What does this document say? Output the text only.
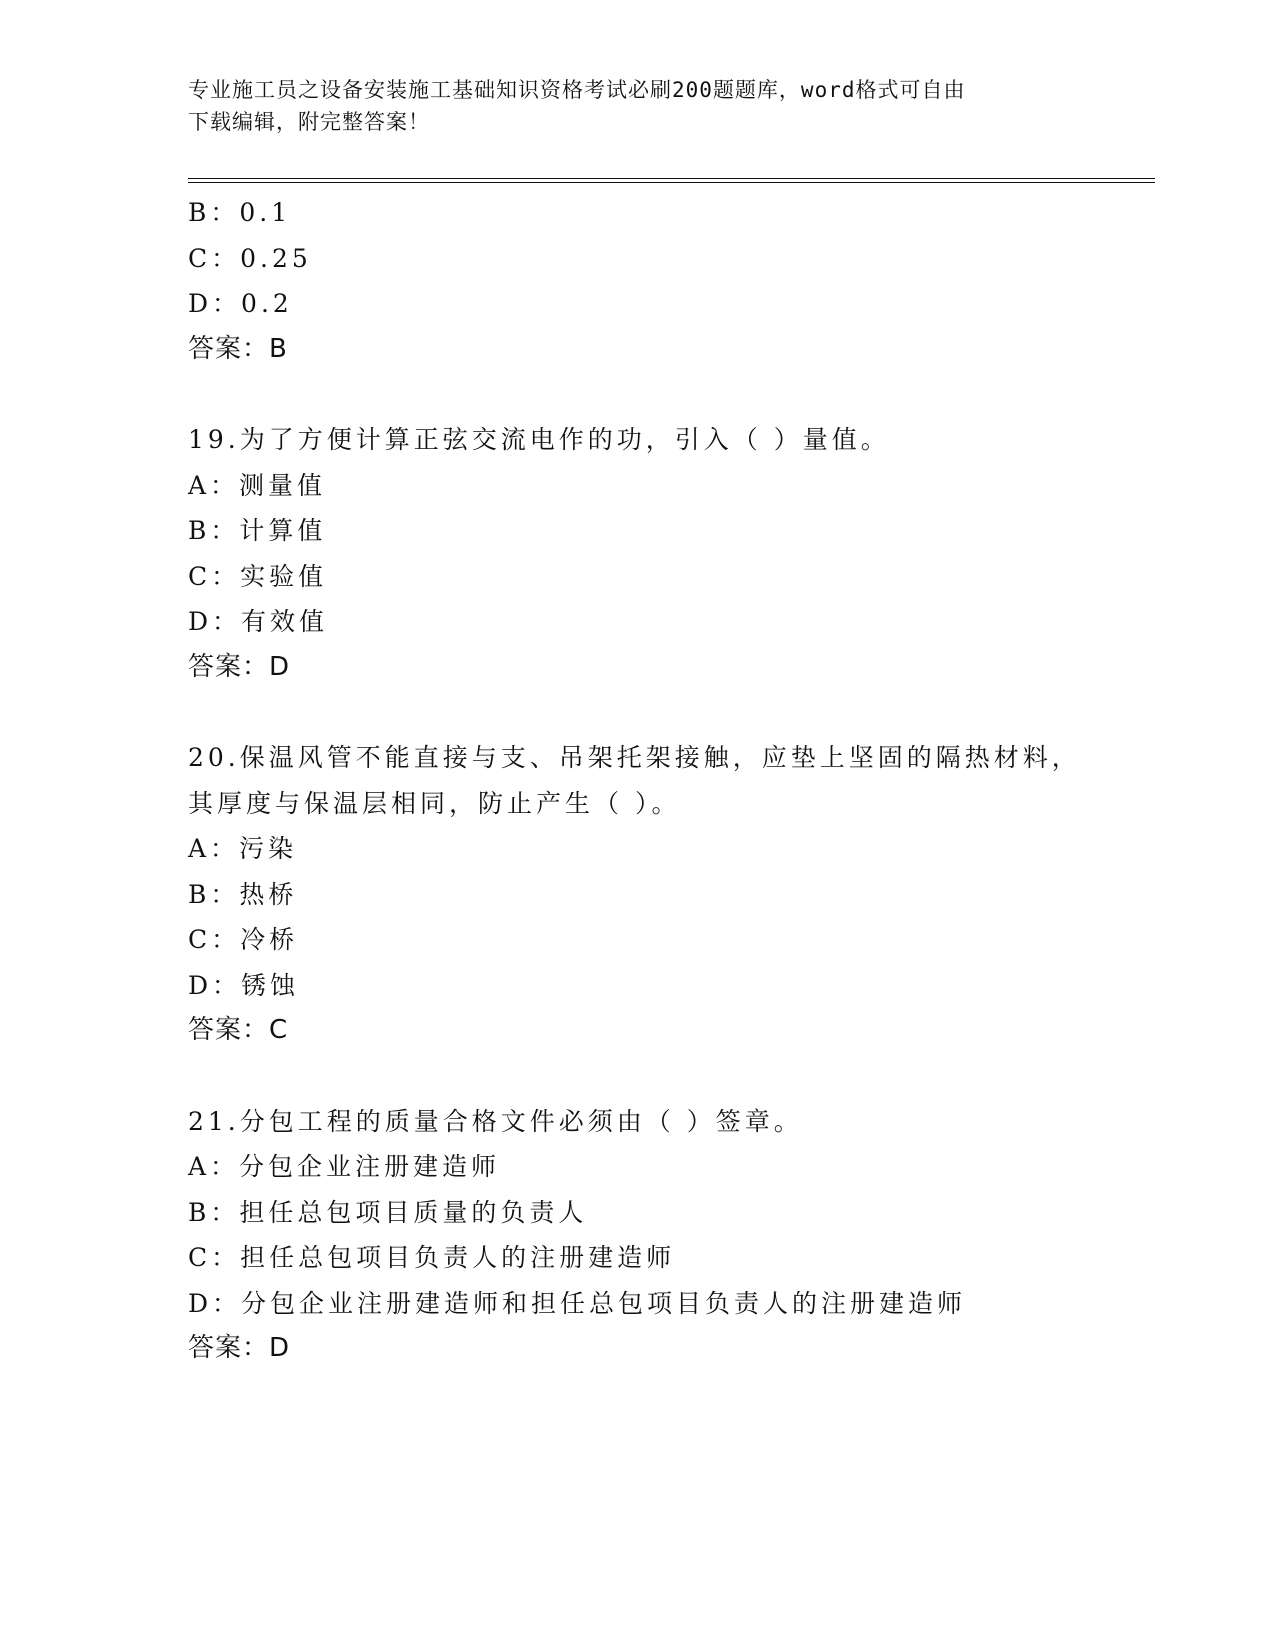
专业施工员之设备安装施工基础知识资格考试必刷200题题库，word格式可自由
下载编辑，附完整答案！
B：0.1
C：0.25
D：0.2
答案：B
19.为了方便计算正弦交流电作的功，引入（ ）量值。
A：测量值
B：计算值
C：实验值
D：有效值
答案：D
20.保温风管不能直接与支、吊架托架接触，应垫上坚固的隔热材料，
其厚度与保温层相同，防止产生（ ）。
A：污染
B：热桥
C：冷桥
D：锈蚀
答案：C
21.分包工程的质量合格文件必须由（ ）签章。
A：分包企业注册建造师
B：担任总包项目质量的负责人
C：担任总包项目负责人的注册建造师
D：分包企业注册建造师和担任总包项目负责人的注册建造师
答案：D
